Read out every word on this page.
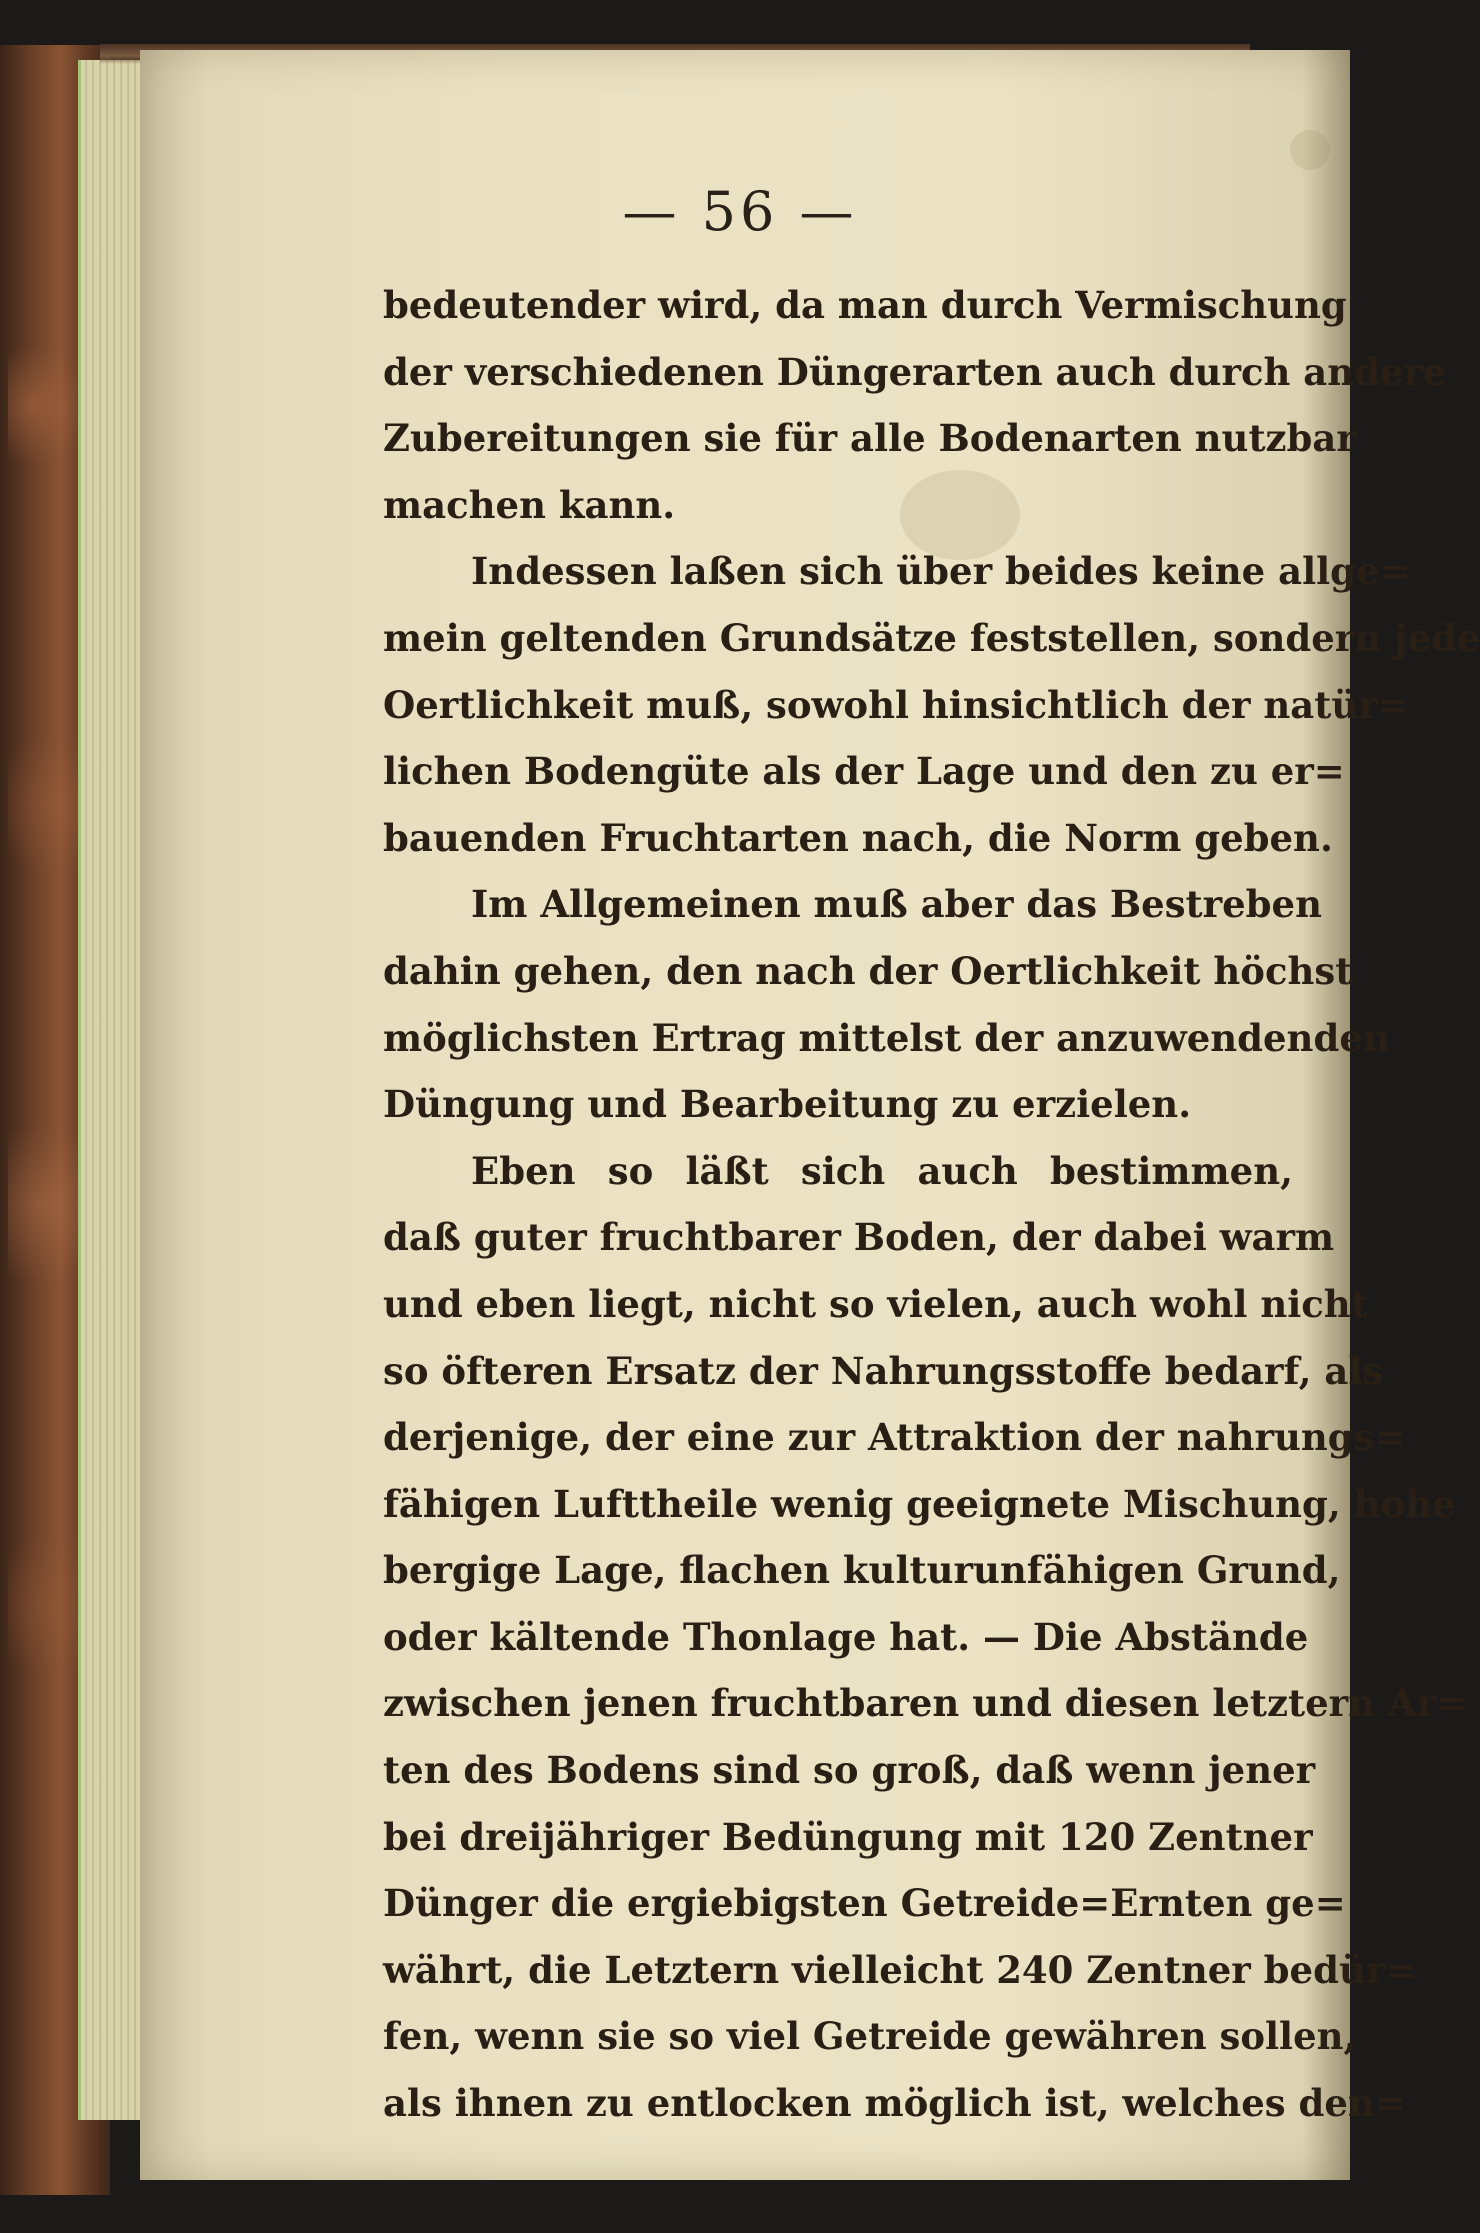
— 56 —
bedeutender wird, da man durch Vermischung
der verschiedenen Düngerarten auch durch andere
Zubereitungen sie für alle Bodenarten nutzbar
machen kann.
Indessen laßen sich über beides keine allge=
mein geltenden Grundsätze feststellen, sondern jede
Oertlichkeit muß, sowohl hinsichtlich der natür=
lichen Bodengüte als der Lage und den zu er=
bauenden Fruchtarten nach, die Norm geben.
Im Allgemeinen muß aber das Bestreben
dahin gehen, den nach der Oertlichkeit höchst
möglichsten Ertrag mittelst der anzuwendenden
Düngung und Bearbeitung zu erzielen.
Eben so läßt sich auch bestimmen,
daß guter fruchtbarer Boden, der dabei warm
und eben liegt, nicht so vielen, auch wohl nicht
so öfteren Ersatz der Nahrungsstoffe bedarf, als
derjenige, der eine zur Attraktion der nahrungs=
fähigen Lufttheile wenig geeignete Mischung, hohe
bergige Lage, flachen kulturunfähigen Grund,
oder kältende Thonlage hat. — Die Abstände
zwischen jenen fruchtbaren und diesen letztern Ar=
ten des Bodens sind so groß, daß wenn jener
bei dreijähriger Bedüngung mit 120 Zentner
Dünger die ergiebigsten Getreide=Ernten ge=
währt, die Letztern vielleicht 240 Zentner bedür=
fen, wenn sie so viel Getreide gewähren sollen,
als ihnen zu entlocken möglich ist, welches den=
